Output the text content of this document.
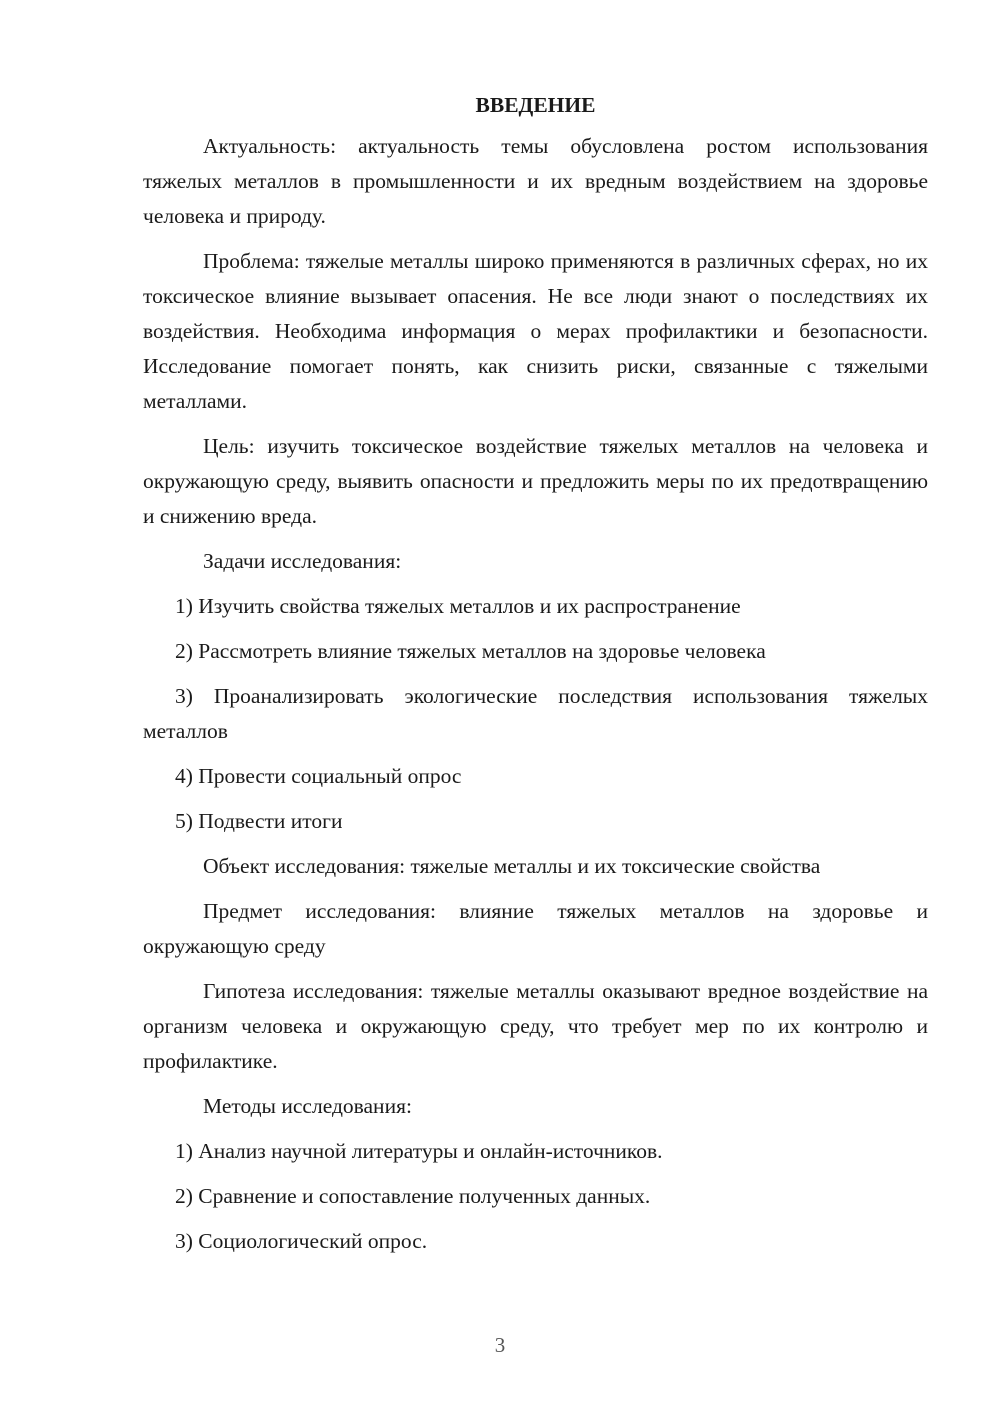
ВВЕДЕНИЕ

Актуальность: актуальность темы обусловлена ростом использования тяжелых металлов в промышленности и их вредным воздействием на здоровье человека и природу.

Проблема: тяжелые металлы широко применяются в различных сферах, но их токсическое влияние вызывает опасения. Не все люди знают о последствиях их воздействия. Необходима информация о мерах профилактики и безопасности. Исследование помогает понять, как снизить риски, связанные с тяжелыми металлами.

Цель: изучить токсическое воздействие тяжелых металлов на человека и окружающую среду, выявить опасности и предложить меры по их предотвращению и снижению вреда.

Задачи исследования:

1) Изучить свойства тяжелых металлов и их распространение

2) Рассмотреть влияние тяжелых металлов на здоровье человека

3) Проанализировать экологические последствия использования тяжелых металлов

4) Провести социальный опрос

5) Подвести итоги

Объект исследования: тяжелые металлы и их токсические свойства

Предмет исследования: влияние тяжелых металлов на здоровье и окружающую среду

Гипотеза исследования: тяжелые металлы оказывают вредное воздействие на организм человека и окружающую среду, что требует мер по их контролю и профилактике.

Методы исследования:

1) Анализ научной литературы и онлайн-источников.

2) Сравнение и сопоставление полученных данных.

3) Социологический опрос.

3
